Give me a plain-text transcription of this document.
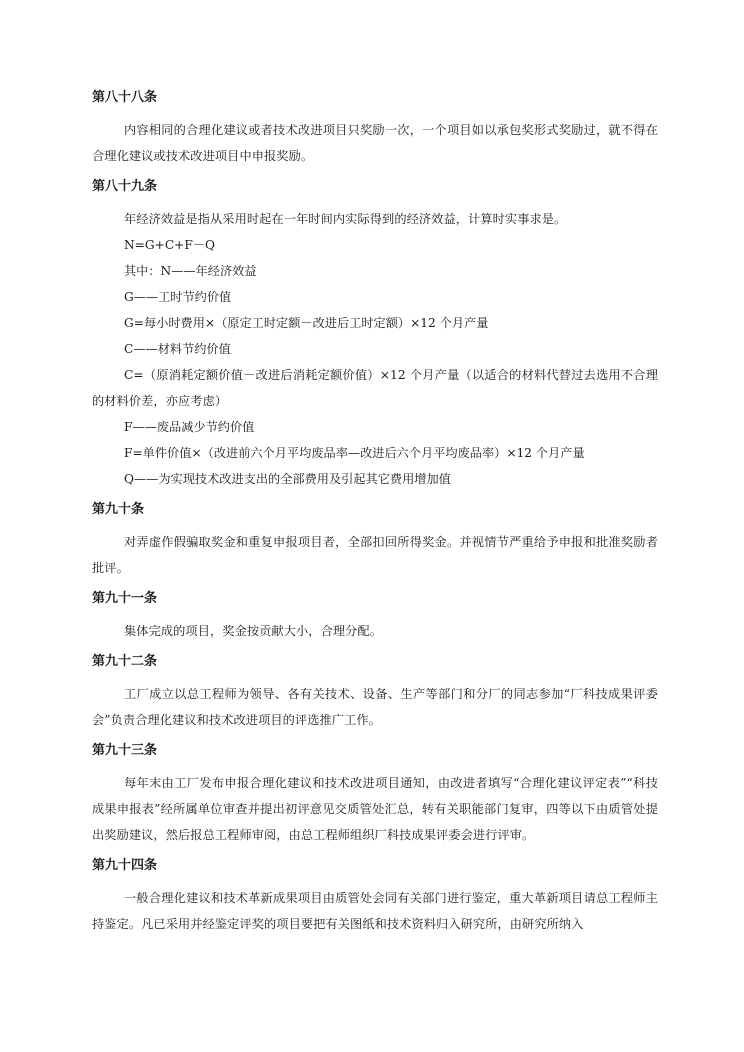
第八十八条

内容相同的合理化建议或者技术改进项目只奖励一次，一个项目如以承包奖形式奖励过，就不得在合理化建议或技术改进项目中申报奖励。

第八十九条

年经济效益是指从采用时起在一年时间内实际得到的经济效益，计算时实事求是。

N=G+C+F－Q

其中：N——年经济效益

G——工时节约价值

G=每小时费用×（原定工时定额－改进后工时定额）×12 个月产量

C——材料节约价值

C=（原消耗定额价值－改进后消耗定额价值）×12 个月产量（以适合的材料代替过去选用不合理的材料价差，亦应考虑）

F——废品减少节约价值

F=单件价值×（改进前六个月平均废品率—改进后六个月平均废品率）×12 个月产量

Q——为实现技术改进支出的全部费用及引起其它费用增加值

第九十条

对弄虚作假骗取奖金和重复申报项目者，全部扣回所得奖金。并视情节严重给予申报和批准奖励者批评。

第九十一条

集体完成的项目，奖金按贡献大小，合理分配。

第九十二条

工厂成立以总工程师为领导、各有关技术、设备、生产等部门和分厂的同志参加“厂科技成果评委会”负责合理化建议和技术改进项目的评选推广工作。

第九十三条

每年末由工厂发布申报合理化建议和技术改进项目通知，由改进者填写“合理化建议评定表”“科技成果申报表”经所属单位审查并提出初评意见交质管处汇总，转有关职能部门复审，四等以下由质管处提出奖励建议，然后报总工程师审阅，由总工程师组织厂科技成果评委会进行评审。

第九十四条

一般合理化建议和技术革新成果项目由质管处会同有关部门进行鉴定，重大革新项目请总工程师主持鉴定。凡已采用并经鉴定评奖的项目要把有关图纸和技术资料归入研究所，由研究所纳入
